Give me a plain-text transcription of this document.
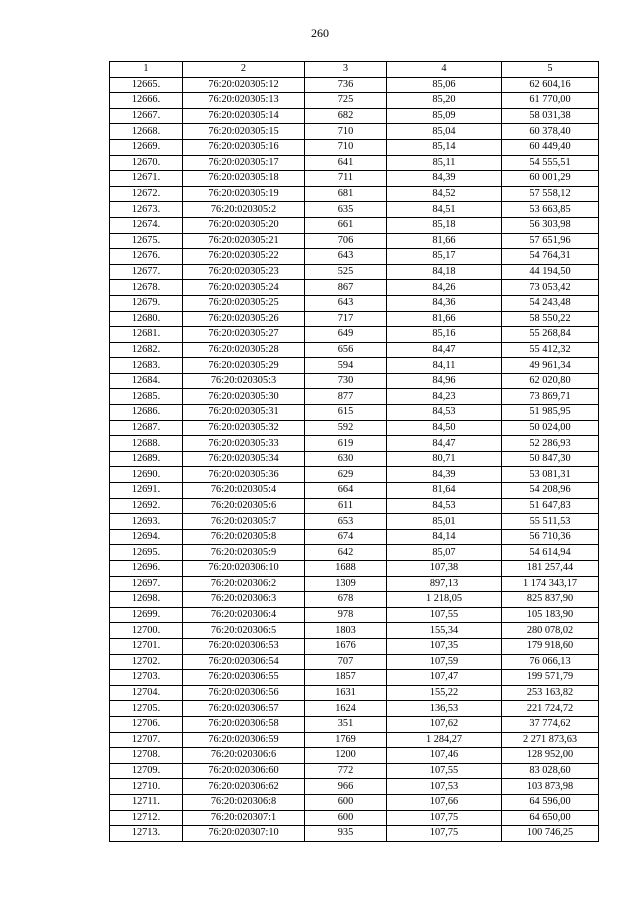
260
1	2	3	4	5
12665.	76:20:020305:12	736	85,06	62 604,16
12666.	76:20:020305:13	725	85,20	61 770,00
12667.	76:20:020305:14	682	85,09	58 031,38
12668.	76:20:020305:15	710	85,04	60 378,40
12669.	76:20:020305:16	710	85,14	60 449,40
12670.	76:20:020305:17	641	85,11	54 555,51
12671.	76:20:020305:18	711	84,39	60 001,29
12672.	76:20:020305:19	681	84,52	57 558,12
12673.	76:20:020305:2	635	84,51	53 663,85
12674.	76:20:020305:20	661	85,18	56 303,98
12675.	76:20:020305:21	706	81,66	57 651,96
12676.	76:20:020305:22	643	85,17	54 764,31
12677.	76:20:020305:23	525	84,18	44 194,50
12678.	76:20:020305:24	867	84,26	73 053,42
12679.	76:20:020305:25	643	84,36	54 243,48
12680.	76:20:020305:26	717	81,66	58 550,22
12681.	76:20:020305:27	649	85,16	55 268,84
12682.	76:20:020305:28	656	84,47	55 412,32
12683.	76:20:020305:29	594	84,11	49 961,34
12684.	76:20:020305:3	730	84,96	62 020,80
12685.	76:20:020305:30	877	84,23	73 869,71
12686.	76:20:020305:31	615	84,53	51 985,95
12687.	76:20:020305:32	592	84,50	50 024,00
12688.	76:20:020305:33	619	84,47	52 286,93
12689.	76:20:020305:34	630	80,71	50 847,30
12690.	76:20:020305:36	629	84,39	53 081,31
12691.	76:20:020305:4	664	81,64	54 208,96
12692.	76:20:020305:6	611	84,53	51 647,83
12693.	76:20:020305:7	653	85,01	55 511,53
12694.	76:20:020305:8	674	84,14	56 710,36
12695.	76:20:020305:9	642	85,07	54 614,94
12696.	76:20:020306:10	1688	107,38	181 257,44
12697.	76:20:020306:2	1309	897,13	1 174 343,17
12698.	76:20:020306:3	678	1 218,05	825 837,90
12699.	76:20:020306:4	978	107,55	105 183,90
12700.	76:20:020306:5	1803	155,34	280 078,02
12701.	76:20:020306:53	1676	107,35	179 918,60
12702.	76:20:020306:54	707	107,59	76 066,13
12703.	76:20:020306:55	1857	107,47	199 571,79
12704.	76:20:020306:56	1631	155,22	253 163,82
12705.	76:20:020306:57	1624	136,53	221 724,72
12706.	76:20:020306:58	351	107,62	37 774,62
12707.	76:20:020306:59	1769	1 284,27	2 271 873,63
12708.	76:20:020306:6	1200	107,46	128 952,00
12709.	76:20:020306:60	772	107,55	83 028,60
12710.	76:20:020306:62	966	107,53	103 873,98
12711.	76:20:020306:8	600	107,66	64 596,00
12712.	76:20:020307:1	600	107,75	64 650,00
12713.	76:20:020307:10	935	107,75	100 746,25
